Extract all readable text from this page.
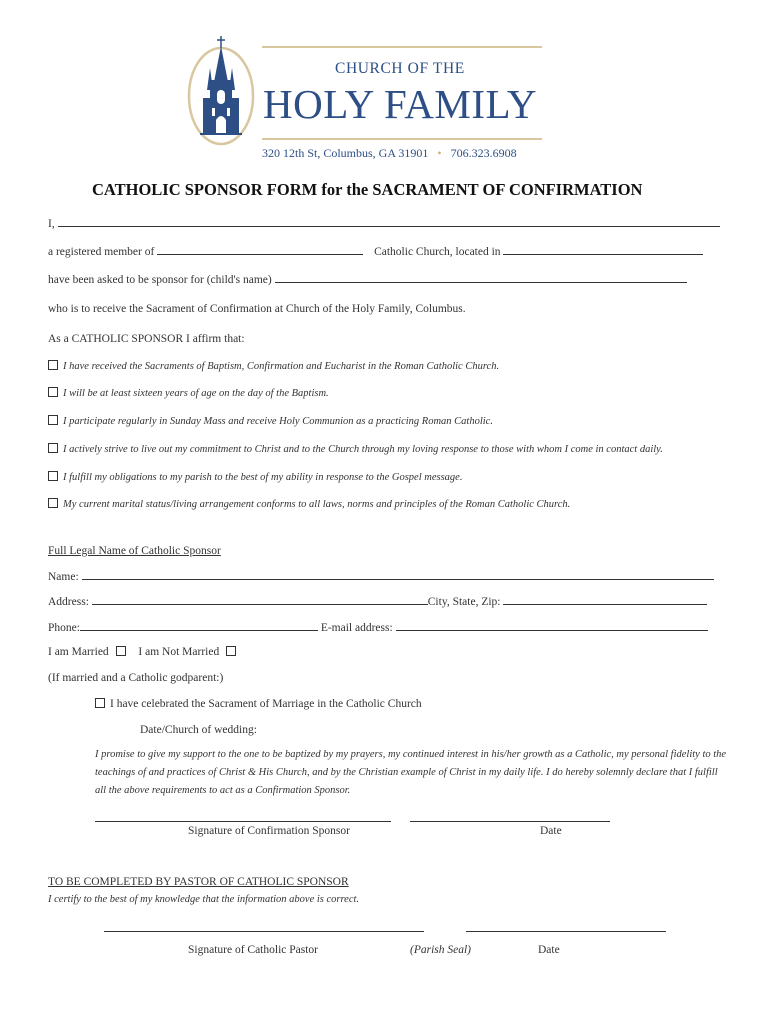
CHURCH OF THE
HOLY FAMILY
320 12th St, Columbus, GA 31901 • 706.323.6908
CATHOLIC SPONSOR FORM for the SACRAMENT OF CONFIRMATION
I,
a registered member of	Catholic Church, located in
have been asked to be sponsor for (child's name)
who is to receive the Sacrament of Confirmation at Church of the Holy Family, Columbus.
As a CATHOLIC SPONSOR I affirm that:
I have received the Sacraments of Baptism, Confirmation and Eucharist in the Roman Catholic Church.
I will be at least sixteen years of age on the day of the Baptism.
I participate regularly in Sunday Mass and receive Holy Communion as a practicing Roman Catholic.
I actively strive to live out my commitment to Christ and to the Church through my loving response to those with whom I come in contact daily.
I fulfill my obligations to my parish to the best of my ability in response to the Gospel message.
My current marital status/living arrangement conforms to all laws, norms and principles of the Roman Catholic Church.
Full Legal Name of Catholic Sponsor
Name:
Address:	City, State, Zip:
Phone:	E-mail address:
I am Married	I am Not Married
(If married and a Catholic godparent:)
I have celebrated the Sacrament of Marriage in the Catholic Church
Date/Church of wedding:
I promise to give my support to the one to be baptized by my prayers, my continued interest in his/her growth as a Catholic, my personal fidelity to the
teachings of and practices of Christ & His Church, and by the Christian example of Christ in my daily life. I do hereby solemnly declare that I fulfill
all the above requirements to act as a Confirmation Sponsor.
Signature of Confirmation Sponsor	Date
TO BE COMPLETED BY PASTOR OF CATHOLIC SPONSOR
I certify to the best of my knowledge that the information above is correct.
Signature of Catholic Pastor	(Parish Seal)	Date
